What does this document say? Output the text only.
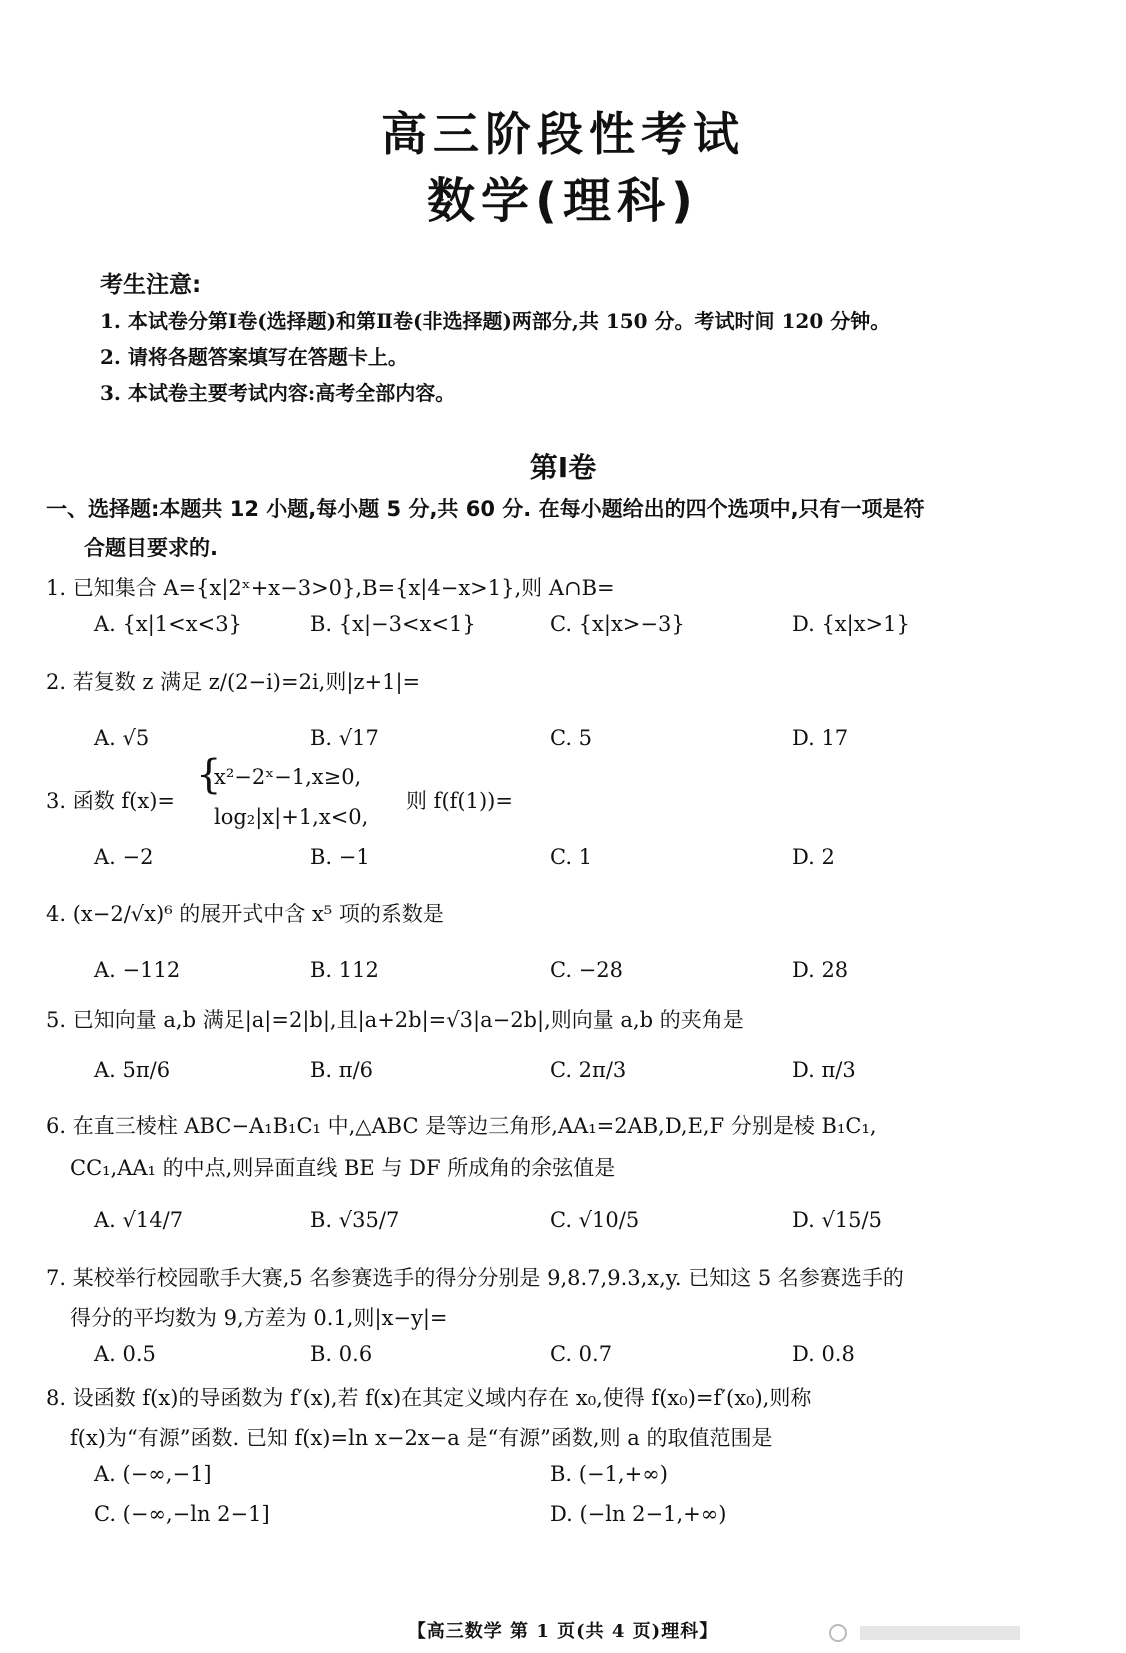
高三阶段性考试
数学(理科)
考生注意:
1. 本试卷分第Ⅰ卷(选择题)和第Ⅱ卷(非选择题)两部分,共 150 分。考试时间 120 分钟。
2. 请将各题答案填写在答题卡上。
3. 本试卷主要考试内容:高考全部内容。
第Ⅰ卷
一、选择题:本题共 12 小题,每小题 5 分,共 60 分. 在每小题给出的四个选项中,只有一项是符
合题目要求的.
1. 已知集合 A={x|2ˣ+x−3>0},B={x|4−x>1},则 A∩B=
A. {x|1<x<3}	B. {x|−3<x<1}	C. {x|x>−3}	D. {x|x>1}
2. 若复数 z 满足 z/(2−i)=2i,则|z+1|=
A. √5	B. √17	C. 5	D. 17
3. 函数 f(x)=
{
x²−2ˣ−1,x≥0,
log₂|x|+1,x<0,
则 f(f(1))=
A. −2	B. −1	C. 1	D. 2
4. (x−2/√x)⁶ 的展开式中含 x⁵ 项的系数是
A. −112	B. 112	C. −28	D. 28
5. 已知向量 a,b 满足|a|=2|b|,且|a+2b|=√3|a−2b|,则向量 a,b 的夹角是
A. 5π/6	B. π/6	C. 2π/3	D. π/3
6. 在直三棱柱 ABC−A₁B₁C₁ 中,△ABC 是等边三角形,AA₁=2AB,D,E,F 分别是棱 B₁C₁,
CC₁,AA₁ 的中点,则异面直线 BE 与 DF 所成角的余弦值是
A. √14/7	B. √35/7	C. √10/5	D. √15/5
7. 某校举行校园歌手大赛,5 名参赛选手的得分分别是 9,8.7,9.3,x,y. 已知这 5 名参赛选手的
得分的平均数为 9,方差为 0.1,则|x−y|=
A. 0.5	B. 0.6	C. 0.7	D. 0.8
8. 设函数 f(x)的导函数为 f′(x),若 f(x)在其定义域内存在 x₀,使得 f(x₀)=f′(x₀),则称
f(x)为“有源”函数. 已知 f(x)=ln x−2x−a 是“有源”函数,则 a 的取值范围是
A. (−∞,−1]	B. (−1,+∞)
C. (−∞,−ln 2−1]	D. (−ln 2−1,+∞)
【高三数学 第 1 页(共 4 页)理科】
